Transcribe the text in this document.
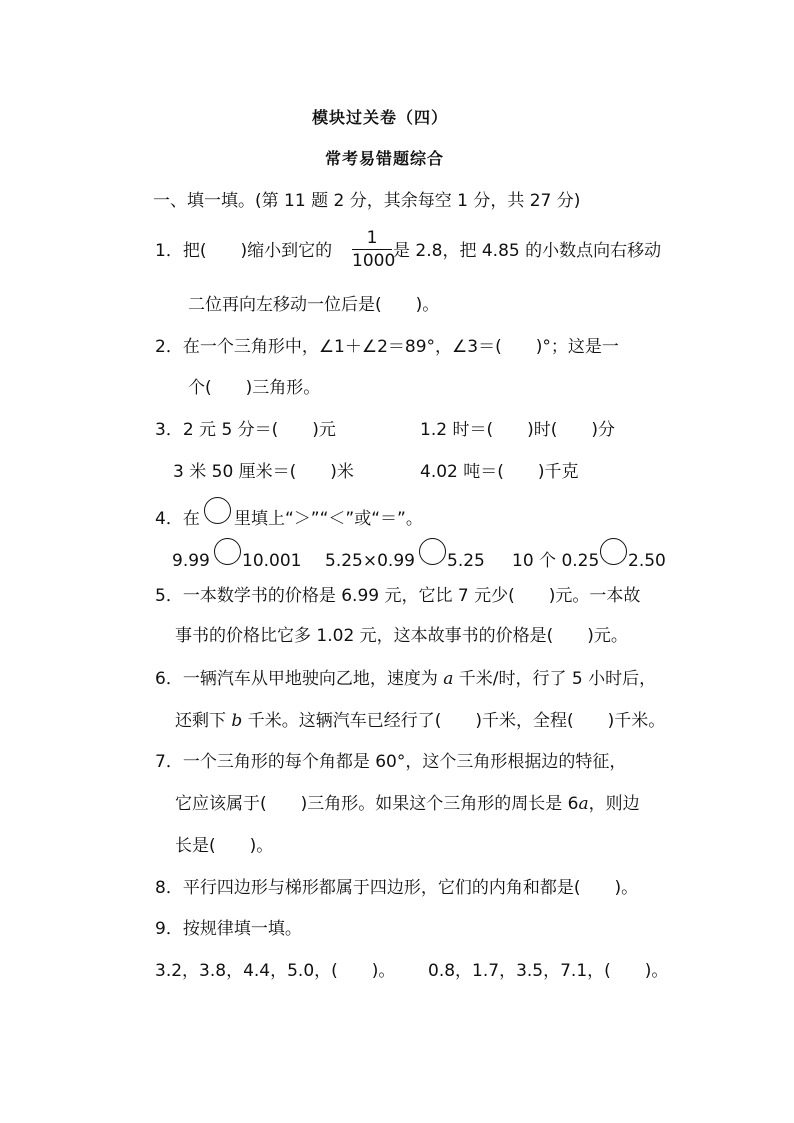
模块过关卷（四）
常考易错题综合
一、填一填。(第 11 题 2 分，其余每空 1 分，共 27 分)
1．把(　　)缩小到它的
1
1000
是 2.8，把 4.85 的小数点向右移动
二位再向左移动一位后是(　　)。
2．在一个三角形中，∠1＋∠2＝89°，∠3＝(　　)°；这是一
个(　　)三角形。
3．2 元 5 分＝(　　)元	1.2 时＝(　　)时(　　)分
3 米 50 厘米＝(　　)米	4.02 吨＝(　　)千克
4．在 里填上“＞”“＜”或“＝”。
9.99 10.001 5.25×0.99 5.25 10 个 0.25 2.50
5．一本数学书的价格是 6.99 元，它比 7 元少(　　)元。一本故
事书的价格比它多 1.02 元，这本故事书的价格是(　　)元。
6．一辆汽车从甲地驶向乙地，速度为 a 千米/时，行了 5 小时后，
还剩下 b 千米。这辆汽车已经行了(　　)千米，全程(　　)千米。
7．一个三角形的每个角都是 60°，这个三角形根据边的特征，
它应该属于(　　)三角形。如果这个三角形的周长是 6a，则边
长是(　　)。
8．平行四边形与梯形都属于四边形，它们的内角和都是(　　)。
9．按规律填一填。
3.2，3.8，4.4，5.0，(　　)。 0.8，1.7，3.5，7.1，(　　)。
